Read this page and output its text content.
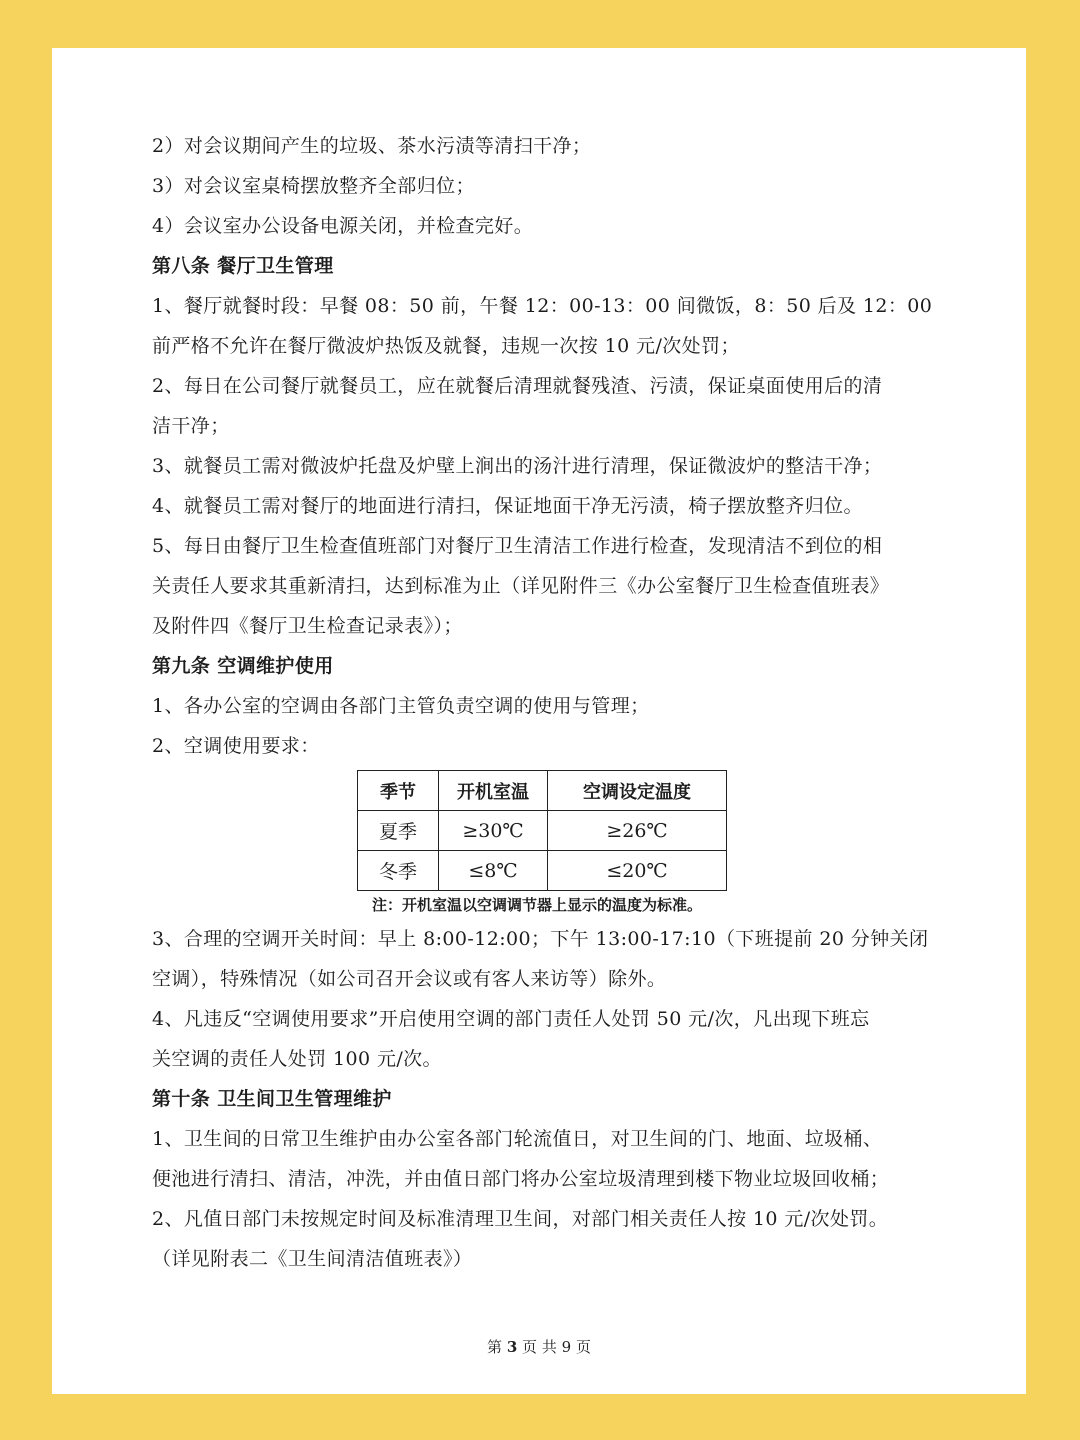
2）对会议期间产生的垃圾、茶水污渍等清扫干净；
3）对会议室桌椅摆放整齐全部归位；
4）会议室办公设备电源关闭，并检查完好。
第八条 餐厅卫生管理
1、餐厅就餐时段：早餐 08：50 前，午餐 12：00-13：00 间微饭，8：50 后及 12：00
前严格不允许在餐厅微波炉热饭及就餐，违规一次按 10 元/次处罚；
2、每日在公司餐厅就餐员工，应在就餐后清理就餐残渣、污渍，保证桌面使用后的清
洁干净；
3、就餐员工需对微波炉托盘及炉壁上涧出的汤汁进行清理，保证微波炉的整洁干净；
4、就餐员工需对餐厅的地面进行清扫，保证地面干净无污渍，椅子摆放整齐归位。
5、每日由餐厅卫生检查值班部门对餐厅卫生清洁工作进行检查，发现清洁不到位的相
关责任人要求其重新清扫，达到标准为止（详见附件三《办公室餐厅卫生检查值班表》
及附件四《餐厅卫生检查记录表》）；
第九条 空调维护使用
1、各办公室的空调由各部门主管负责空调的使用与管理；
2、空调使用要求：
季节	开机室温	空调设定温度
夏季	≥30℃	≥26℃
冬季	≤8℃	≤20℃
注：开机室温以空调调节器上显示的温度为标准。
3、合理的空调开关时间：早上 8:00-12:00；下午 13:00-17:10（下班提前 20 分钟关闭
空调），特殊情况（如公司召开会议或有客人来访等）除外。
4、凡违反“空调使用要求”开启使用空调的部门责任人处罚 50 元/次，凡出现下班忘
关空调的责任人处罚 100 元/次。
第十条 卫生间卫生管理维护
1、卫生间的日常卫生维护由办公室各部门轮流值日，对卫生间的门、地面、垃圾桶、
便池进行清扫、清洁，冲洗，并由值日部门将办公室垃圾清理到楼下物业垃圾回收桶；
2、凡值日部门未按规定时间及标准清理卫生间，对部门相关责任人按 10 元/次处罚。
（详见附表二《卫生间清洁值班表》）
第 3 页 共 9 页
